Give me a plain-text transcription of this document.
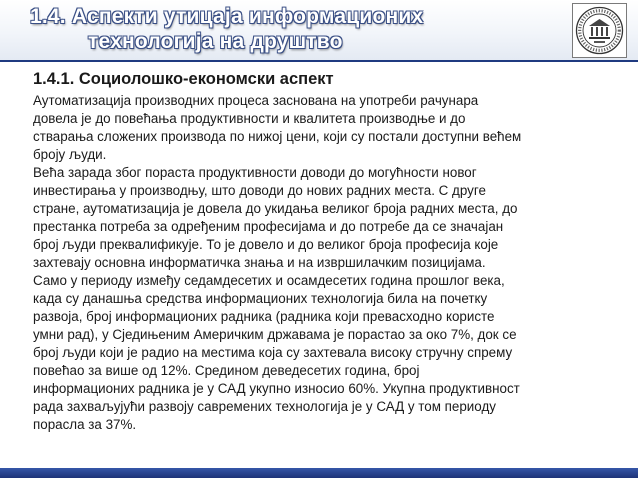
1.4. Аспекти утицаја информационих
технологија на друштво
1.4.1. Социолошко-економски аспект

Аутоматизација производних процеса заснована на употреби рачунара
довела је до повећања продуктивности и квалитета производње и до
стварања сложених производа по нижој цени, који су постали доступни већем
броју људи.

Већа зарада због пораста продуктивности доводи до могућности новог
инвестирања у производњу, што доводи до нових радних места. С друге
стране, аутоматизација је довела до укидања великог броја радних места, до
престанка потреба за одређеним професијама и до потребе да се значајан
број људи преквалификује. То је довело и до великог броја професија које
захтевају основна информатичка знања и на извршилачким позицијама.
Само у периоду између седамдесетих и осамдесетих година прошлог века,
када су данашња средства информационих технологија била на почетку
развоја, број информационих радника (радника који превасходно користе
умни рад), у Сједињеним Америчким државама је порастао за око 7%, док се
број људи који је радио на местима која су захтевала високу стручну спрему
повећао за више од 12%. Средином деведесетих година, број
информационих радника је у САД укупно износио 60%. Укупна продуктивност
рада захваљујући развоју савремених технологија је у САД у том периоду
порасла за 37%.
